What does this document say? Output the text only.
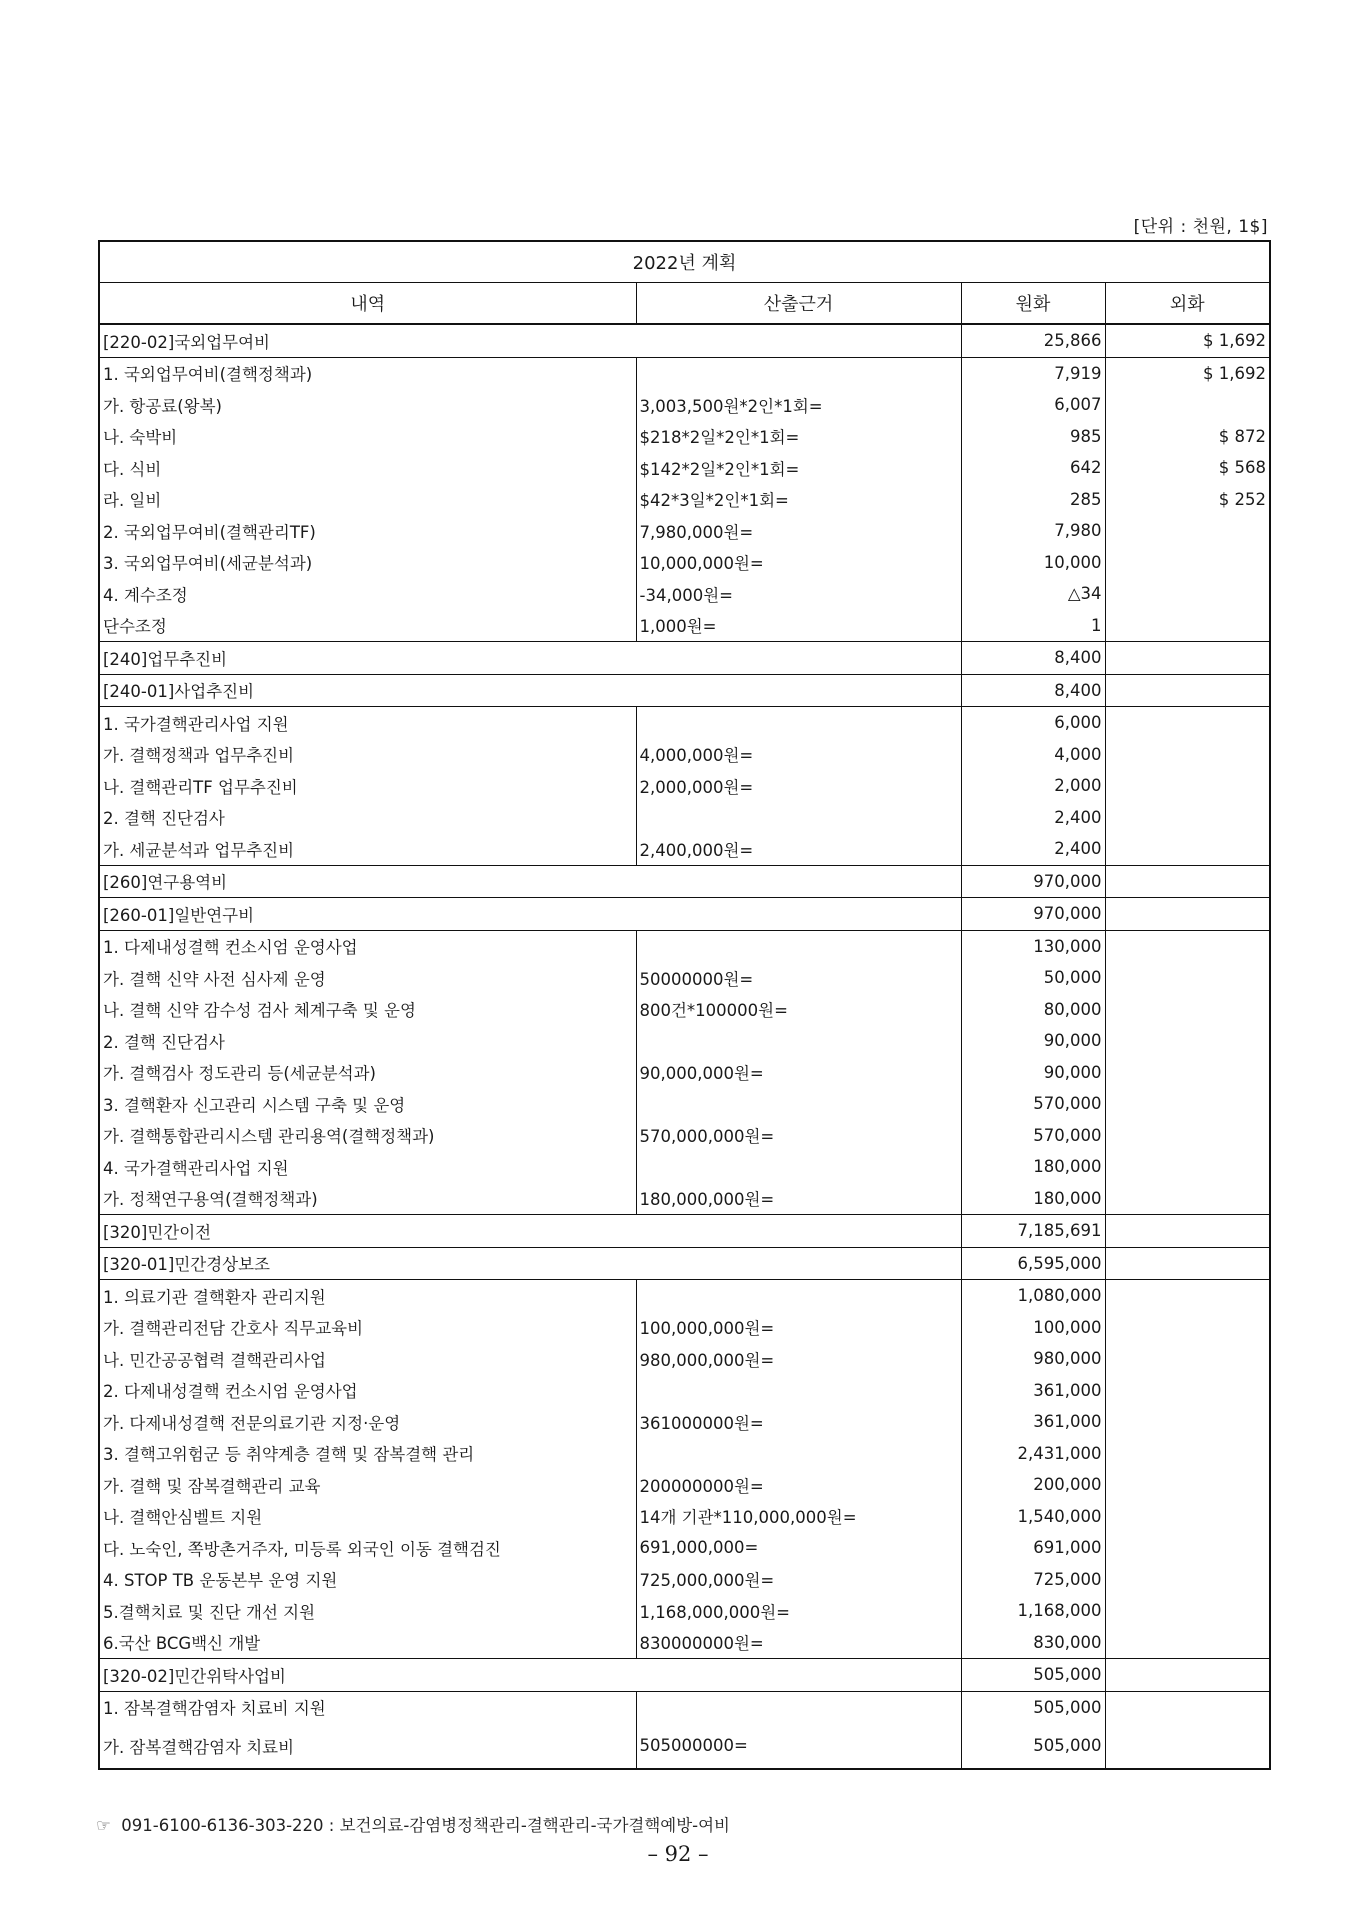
[단위 : 천원, 1$]
2022년 계획			
내역	산출근거	원화	외화
[220-02]국외업무여비		25,866	$ 1,692
1. 국외업무여비(결핵정책과)		7,919	$ 1,692
가. 항공료(왕복)	3,003,500원*2인*1회=	6,007	
나. 숙박비	$218*2일*2인*1회=	985	$ 872
다. 식비	$142*2일*2인*1회=	642	$ 568
라. 일비	$42*3일*2인*1회=	285	$ 252
2. 국외업무여비(결핵관리TF)	7,980,000원=	7,980	
3. 국외업무여비(세균분석과)	10,000,000원=	10,000	
4. 계수조정	-34,000원=	△34	
단수조정	1,000원=	1	
[240]업무추진비		8,400	
[240-01]사업추진비		8,400	
1. 국가결핵관리사업 지원		6,000	
가. 결핵정책과 업무추진비	4,000,000원=	4,000	
나. 결핵관리TF 업무추진비	2,000,000원=	2,000	
2. 결핵 진단검사		2,400	
가. 세균분석과 업무추진비	2,400,000원=	2,400	
[260]연구용역비		970,000	
[260-01]일반연구비		970,000	
1. 다제내성결핵 컨소시엄 운영사업		130,000	
가. 결핵 신약 사전 심사제 운영	50000000원=	50,000	
나. 결핵 신약 감수성 검사 체계구축 및 운영	800건*100000원=	80,000	
2. 결핵 진단검사		90,000	
가. 결핵검사 정도관리 등(세균분석과)	90,000,000원=	90,000	
3. 결핵환자 신고관리 시스템 구축 및 운영		570,000	
가. 결핵통합관리시스템 관리용역(결핵정책과)	570,000,000원=	570,000	
4. 국가결핵관리사업 지원		180,000	
가. 정책연구용역(결핵정책과)	180,000,000원=	180,000	
[320]민간이전		7,185,691	
[320-01]민간경상보조		6,595,000	
1. 의료기관 결핵환자 관리지원		1,080,000	
가. 결핵관리전담 간호사 직무교육비	100,000,000원=	100,000	
나. 민간공공협력 결핵관리사업	980,000,000원=	980,000	
2. 다제내성결핵 컨소시엄 운영사업		361,000	
가. 다제내성결핵 전문의료기관 지정·운영	361000000원=	361,000	
3. 결핵고위험군 등 취약계층 결핵 및 잠복결핵 관리		2,431,000	
가. 결핵 및 잠복결핵관리 교육	200000000원=	200,000	
나. 결핵안심벨트 지원	14개 기관*110,000,000원=	1,540,000	
다. 노숙인, 쪽방촌거주자, 미등록 외국인 이동 결핵검진	691,000,000=	691,000	
4. STOP TB 운동본부 운영 지원	725,000,000원=	725,000	
5.결핵치료 및 진단 개선 지원	1,168,000,000원=	1,168,000	
6.국산 BCG백신 개발	830000000원=	830,000	
[320-02]민간위탁사업비		505,000	
1. 잠복결핵감염자 치료비 지원		505,000	
가. 잠복결핵감염자 치료비	505000000=	505,000	
☞ 091-6100-6136-303-220 : 보건의료-감염병정책관리-결핵관리-국가결핵예방-여비
– 92 –
